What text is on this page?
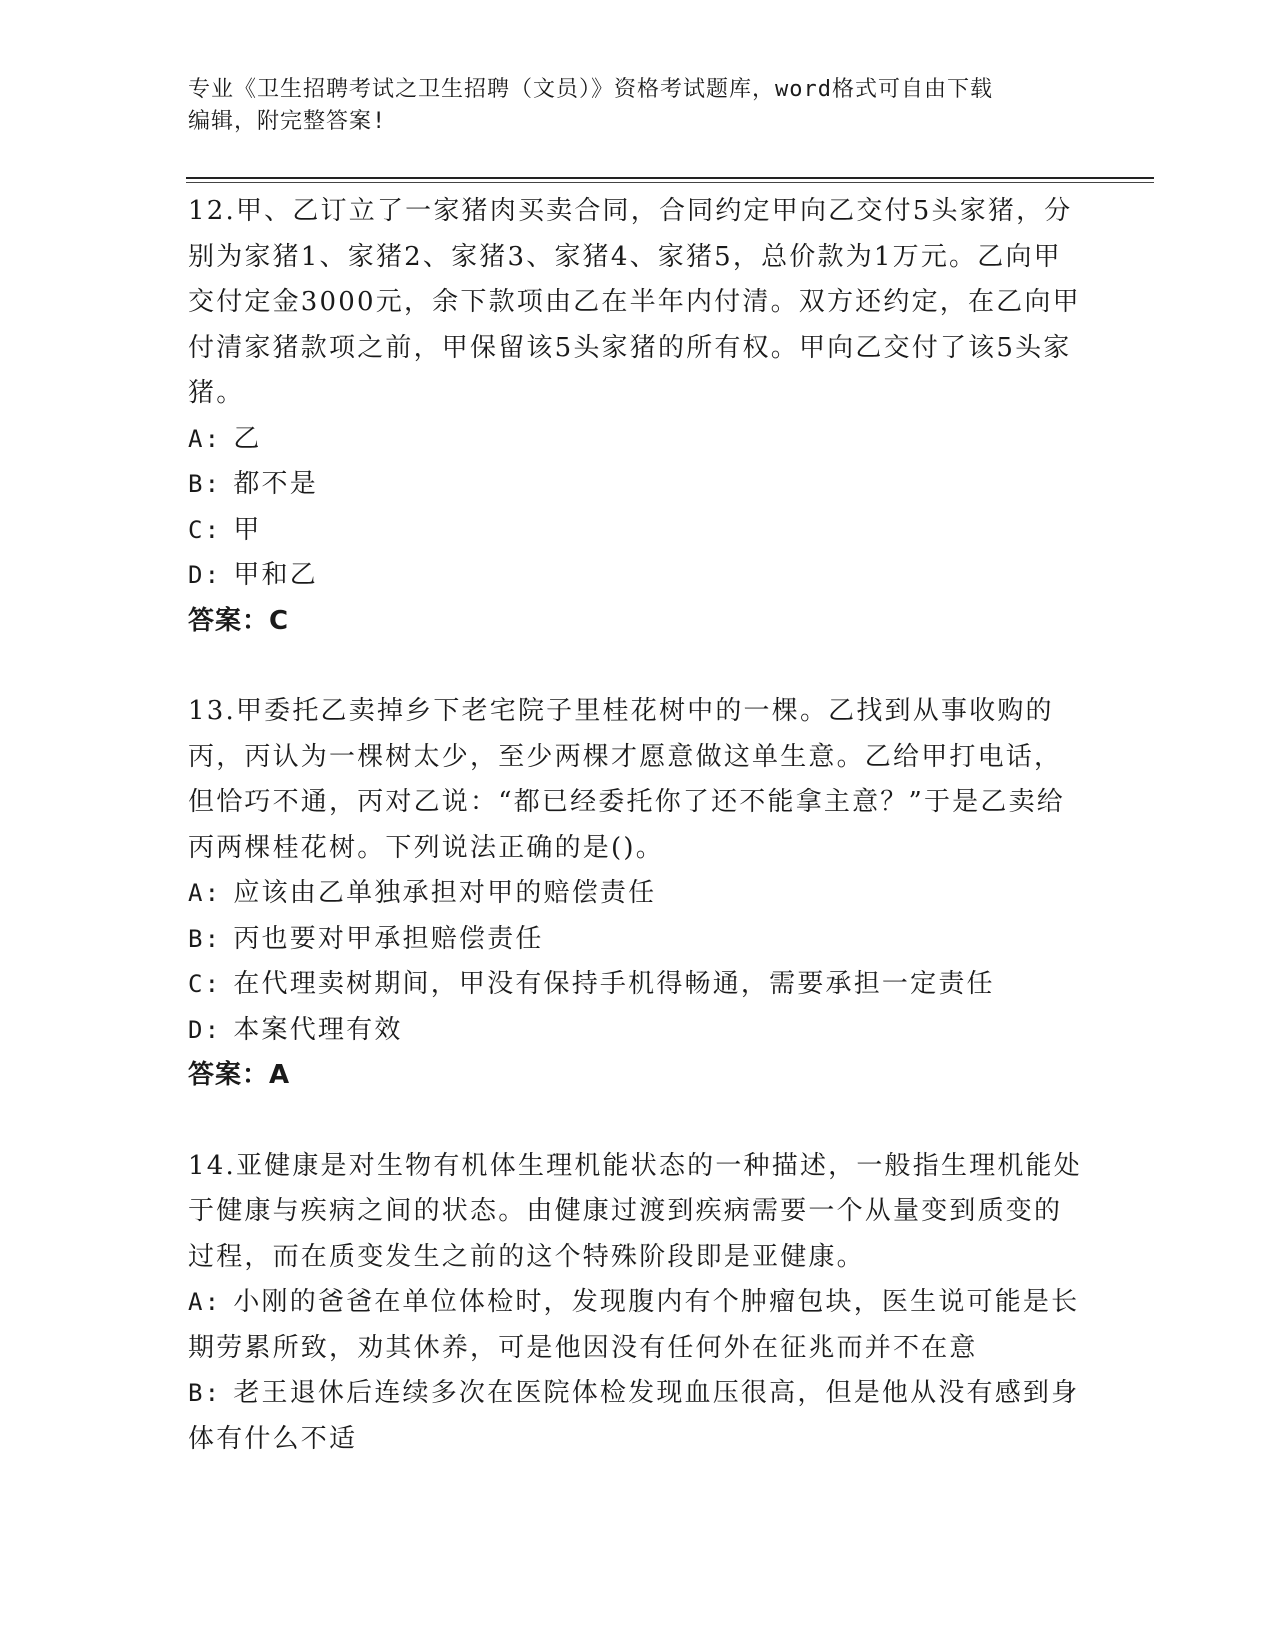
专业《卫生招聘考试之卫生招聘（文员）》资格考试题库，word格式可自由下载
编辑，附完整答案!
12.甲、乙订立了一家猪肉买卖合同，合同约定甲向乙交付5头家猪，分别为家猪1、家猪2、家猪3、家猪4、家猪5，总价款为1万元。乙向甲交付定金3000元，余下款项由乙在半年内付清。双方还约定，在乙向甲付清家猪款项之前，甲保留该5头家猪的所有权。甲向乙交付了该5头家猪。
A: 乙
B: 都不是
C: 甲
D: 甲和乙
答案：C
13.甲委托乙卖掉乡下老宅院子里桂花树中的一棵。乙找到从事收购的丙，丙认为一棵树太少，至少两棵才愿意做这单生意。乙给甲打电话，但恰巧不通，丙对乙说：“都已经委托你了还不能拿主意？”于是乙卖给丙两棵桂花树。下列说法正确的是()。
A: 应该由乙单独承担对甲的赔偿责任
B: 丙也要对甲承担赔偿责任
C: 在代理卖树期间，甲没有保持手机得畅通，需要承担一定责任
D: 本案代理有效
答案：A
14.亚健康是对生物有机体生理机能状态的一种描述，一般指生理机能处于健康与疾病之间的状态。由健康过渡到疾病需要一个从量变到质变的过程，而在质变发生之前的这个特殊阶段即是亚健康。
A: 小刚的爸爸在单位体检时，发现腹内有个肿瘤包块，医生说可能是长期劳累所致，劝其休养，可是他因没有任何外在征兆而并不在意
B: 老王退休后连续多次在医院体检发现血压很高，但是他从没有感到身体有什么不适
